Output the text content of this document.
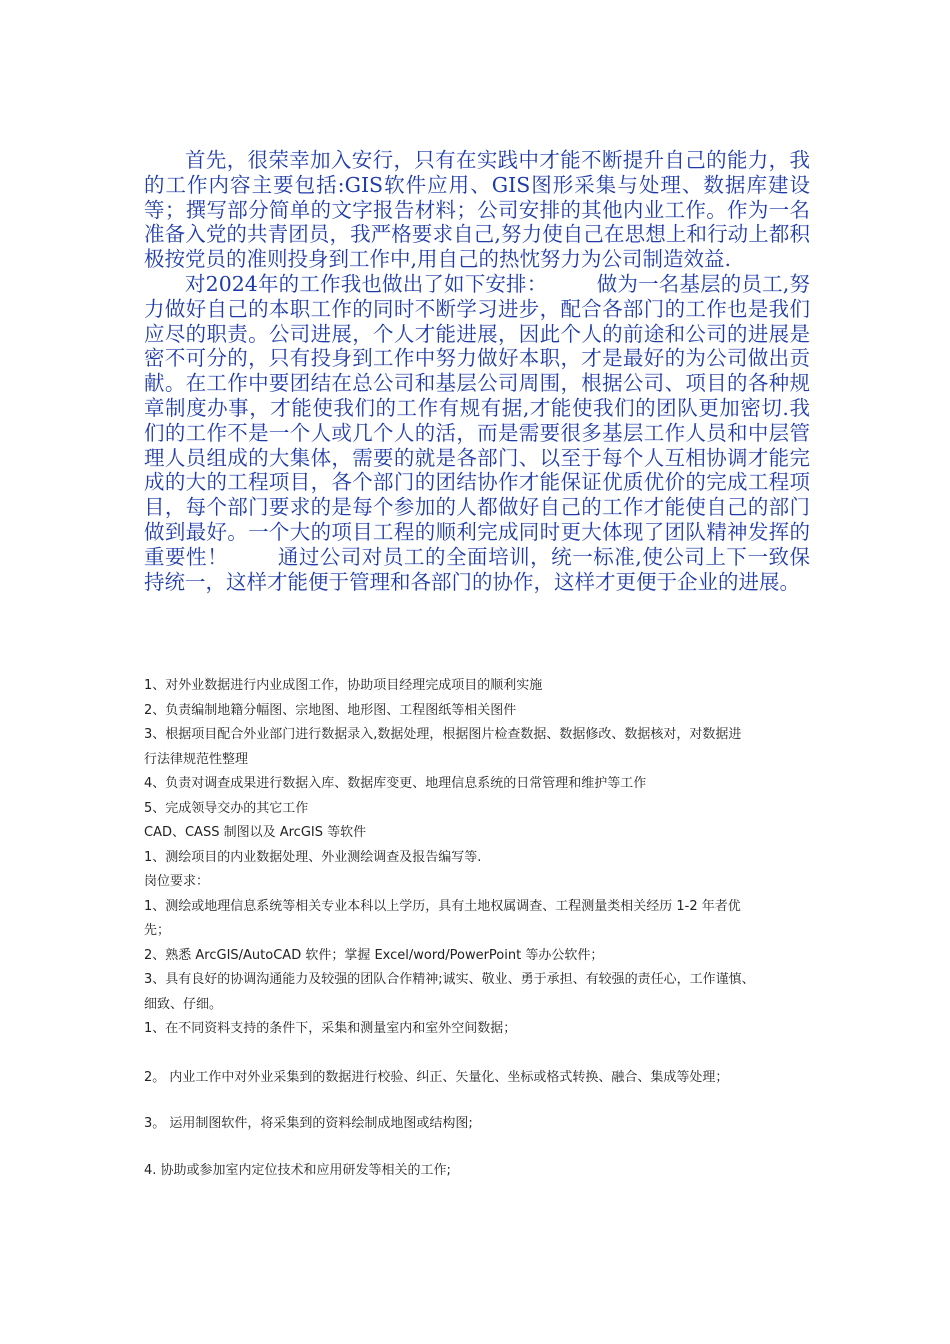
首先，很荣幸加入安行，只有在实践中才能不断提升自己的能力，我的工作内容主要包括:GIS软件应用、GIS图形采集与处理、数据库建设等；撰写部分简单的文字报告材料；公司安排的其他内业工作。作为一名准备入党的共青团员，我严格要求自己,努力使自己在思想上和行动上都积极按党员的准则投身到工作中,用自己的热忱努力为公司制造效益.

对2024年的工作我也做出了如下安排： 做为一名基层的员工,努力做好自己的本职工作的同时不断学习进步，配合各部门的工作也是我们应尽的职责。公司进展，个人才能进展，因此个人的前途和公司的进展是密不可分的，只有投身到工作中努力做好本职，才是最好的为公司做出贡献。在工作中要团结在总公司和基层公司周围，根据公司、项目的各种规章制度办事，才能使我们的工作有规有据,才能使我们的团队更加密切.我们的工作不是一个人或几个人的活，而是需要很多基层工作人员和中层管理人员组成的大集体，需要的就是各部门、以至于每个人互相协调才能完成的大的工程项目，各个部门的团结协作才能保证优质优价的完成工程项目，每个部门要求的是每个参加的人都做好自己的工作才能使自己的部门做到最好。一个大的项目工程的顺利完成同时更大体现了团队精神发挥的重要性！ 通过公司对员工的全面培训，统一标准,使公司上下一致保持统一，这样才能便于管理和各部门的协作，这样才更便于企业的进展。

1、对外业数据进行内业成图工作，协助项目经理完成项目的顺利实施
2、负责编制地籍分幅图、宗地图、地形图、工程图纸等相关图件
3、根据项目配合外业部门进行数据录入,数据处理，根据图片检查数据、数据修改、数据核对，对数据进
行法律规范性整理
4、负责对调查成果进行数据入库、数据库变更、地理信息系统的日常管理和维护等工作
5、完成领导交办的其它工作
CAD、CASS 制图以及 ArcGIS 等软件
1、测绘项目的内业数据处理、外业测绘调查及报告编写等.
岗位要求：
1、测绘或地理信息系统等相关专业本科以上学历，具有土地权属调查、工程测量类相关经历 1-2 年者优
先；
2、熟悉 ArcGIS/AutoCAD 软件；掌握 Excel/word/PowerPoint 等办公软件；
3、具有良好的协调沟通能力及较强的团队合作精神;诚实、敬业、勇于承担、有较强的责任心，工作谨慎、
细致、仔细。
1、在不同资料支持的条件下，采集和测量室内和室外空间数据；
2。 内业工作中对外业采集到的数据进行校验、纠正、矢量化、坐标或格式转换、融合、集成等处理；
3。 运用制图软件，将采集到的资料绘制成地图或结构图;
4. 协助或参加室内定位技术和应用研发等相关的工作;
